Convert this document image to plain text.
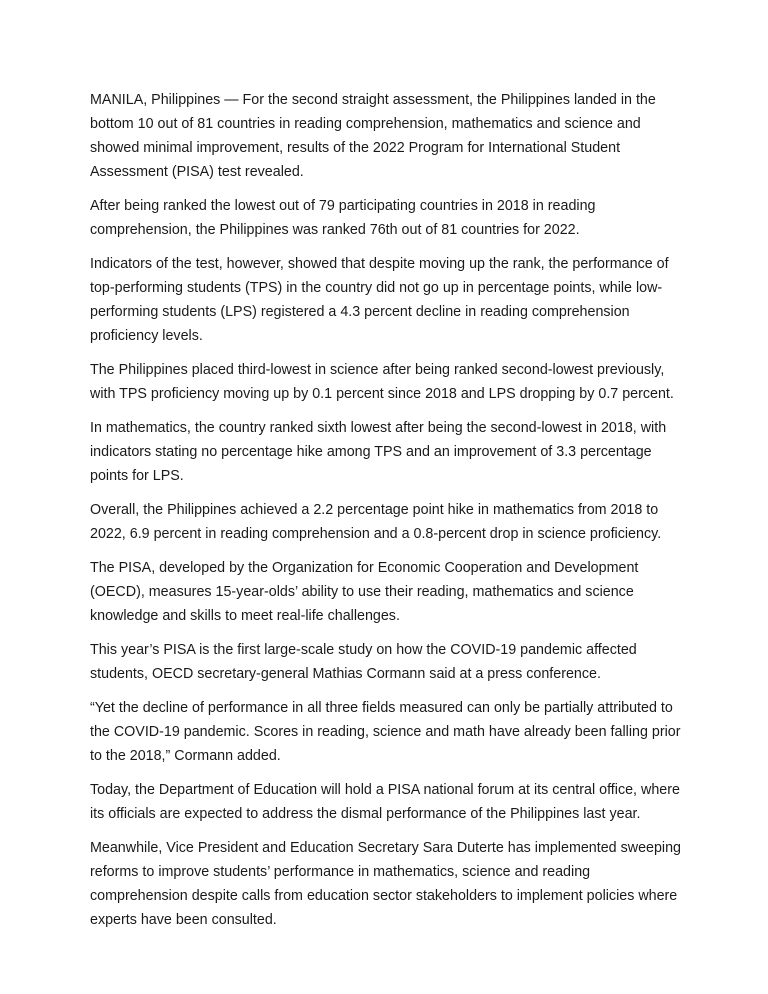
MANILA, Philippines — For the second straight assessment, the Philippines landed in the bottom 10 out of 81 countries in reading comprehension, mathematics and science and showed minimal improvement, results of the 2022 Program for International Student Assessment (PISA) test revealed.

After being ranked the lowest out of 79 participating countries in 2018 in reading comprehension, the Philippines was ranked 76th out of 81 countries for 2022.

Indicators of the test, however, showed that despite moving up the rank, the performance of top-performing students (TPS) in the country did not go up in percentage points, while low-performing students (LPS) registered a 4.3 percent decline in reading comprehension proficiency levels.

The Philippines placed third-lowest in science after being ranked second-lowest previously, with TPS proficiency moving up by 0.1 percent since 2018 and LPS dropping by 0.7 percent.

In mathematics, the country ranked sixth lowest after being the second-lowest in 2018, with indicators stating no percentage hike among TPS and an improvement of 3.3 percentage points for LPS.

Overall, the Philippines achieved a 2.2 percentage point hike in mathematics from 2018 to 2022, 6.9 percent in reading comprehension and a 0.8-percent drop in science proficiency.

The PISA, developed by the Organization for Economic Cooperation and Development (OECD), measures 15-year-olds’ ability to use their reading, mathematics and science knowledge and skills to meet real-life challenges.

This year’s PISA is the first large-scale study on how the COVID-19 pandemic affected students, OECD secretary-general Mathias Cormann said at a press conference.

“Yet the decline of performance in all three fields measured can only be partially attributed to the COVID-19 pandemic. Scores in reading, science and math have already been falling prior to the 2018,” Cormann added.

Today, the Department of Education will hold a PISA national forum at its central office, where its officials are expected to address the dismal performance of the Philippines last year.

Meanwhile, Vice President and Education Secretary Sara Duterte has implemented sweeping reforms to improve students’ performance in mathematics, science and reading comprehension despite calls from education sector stakeholders to implement policies where experts have been consulted.
